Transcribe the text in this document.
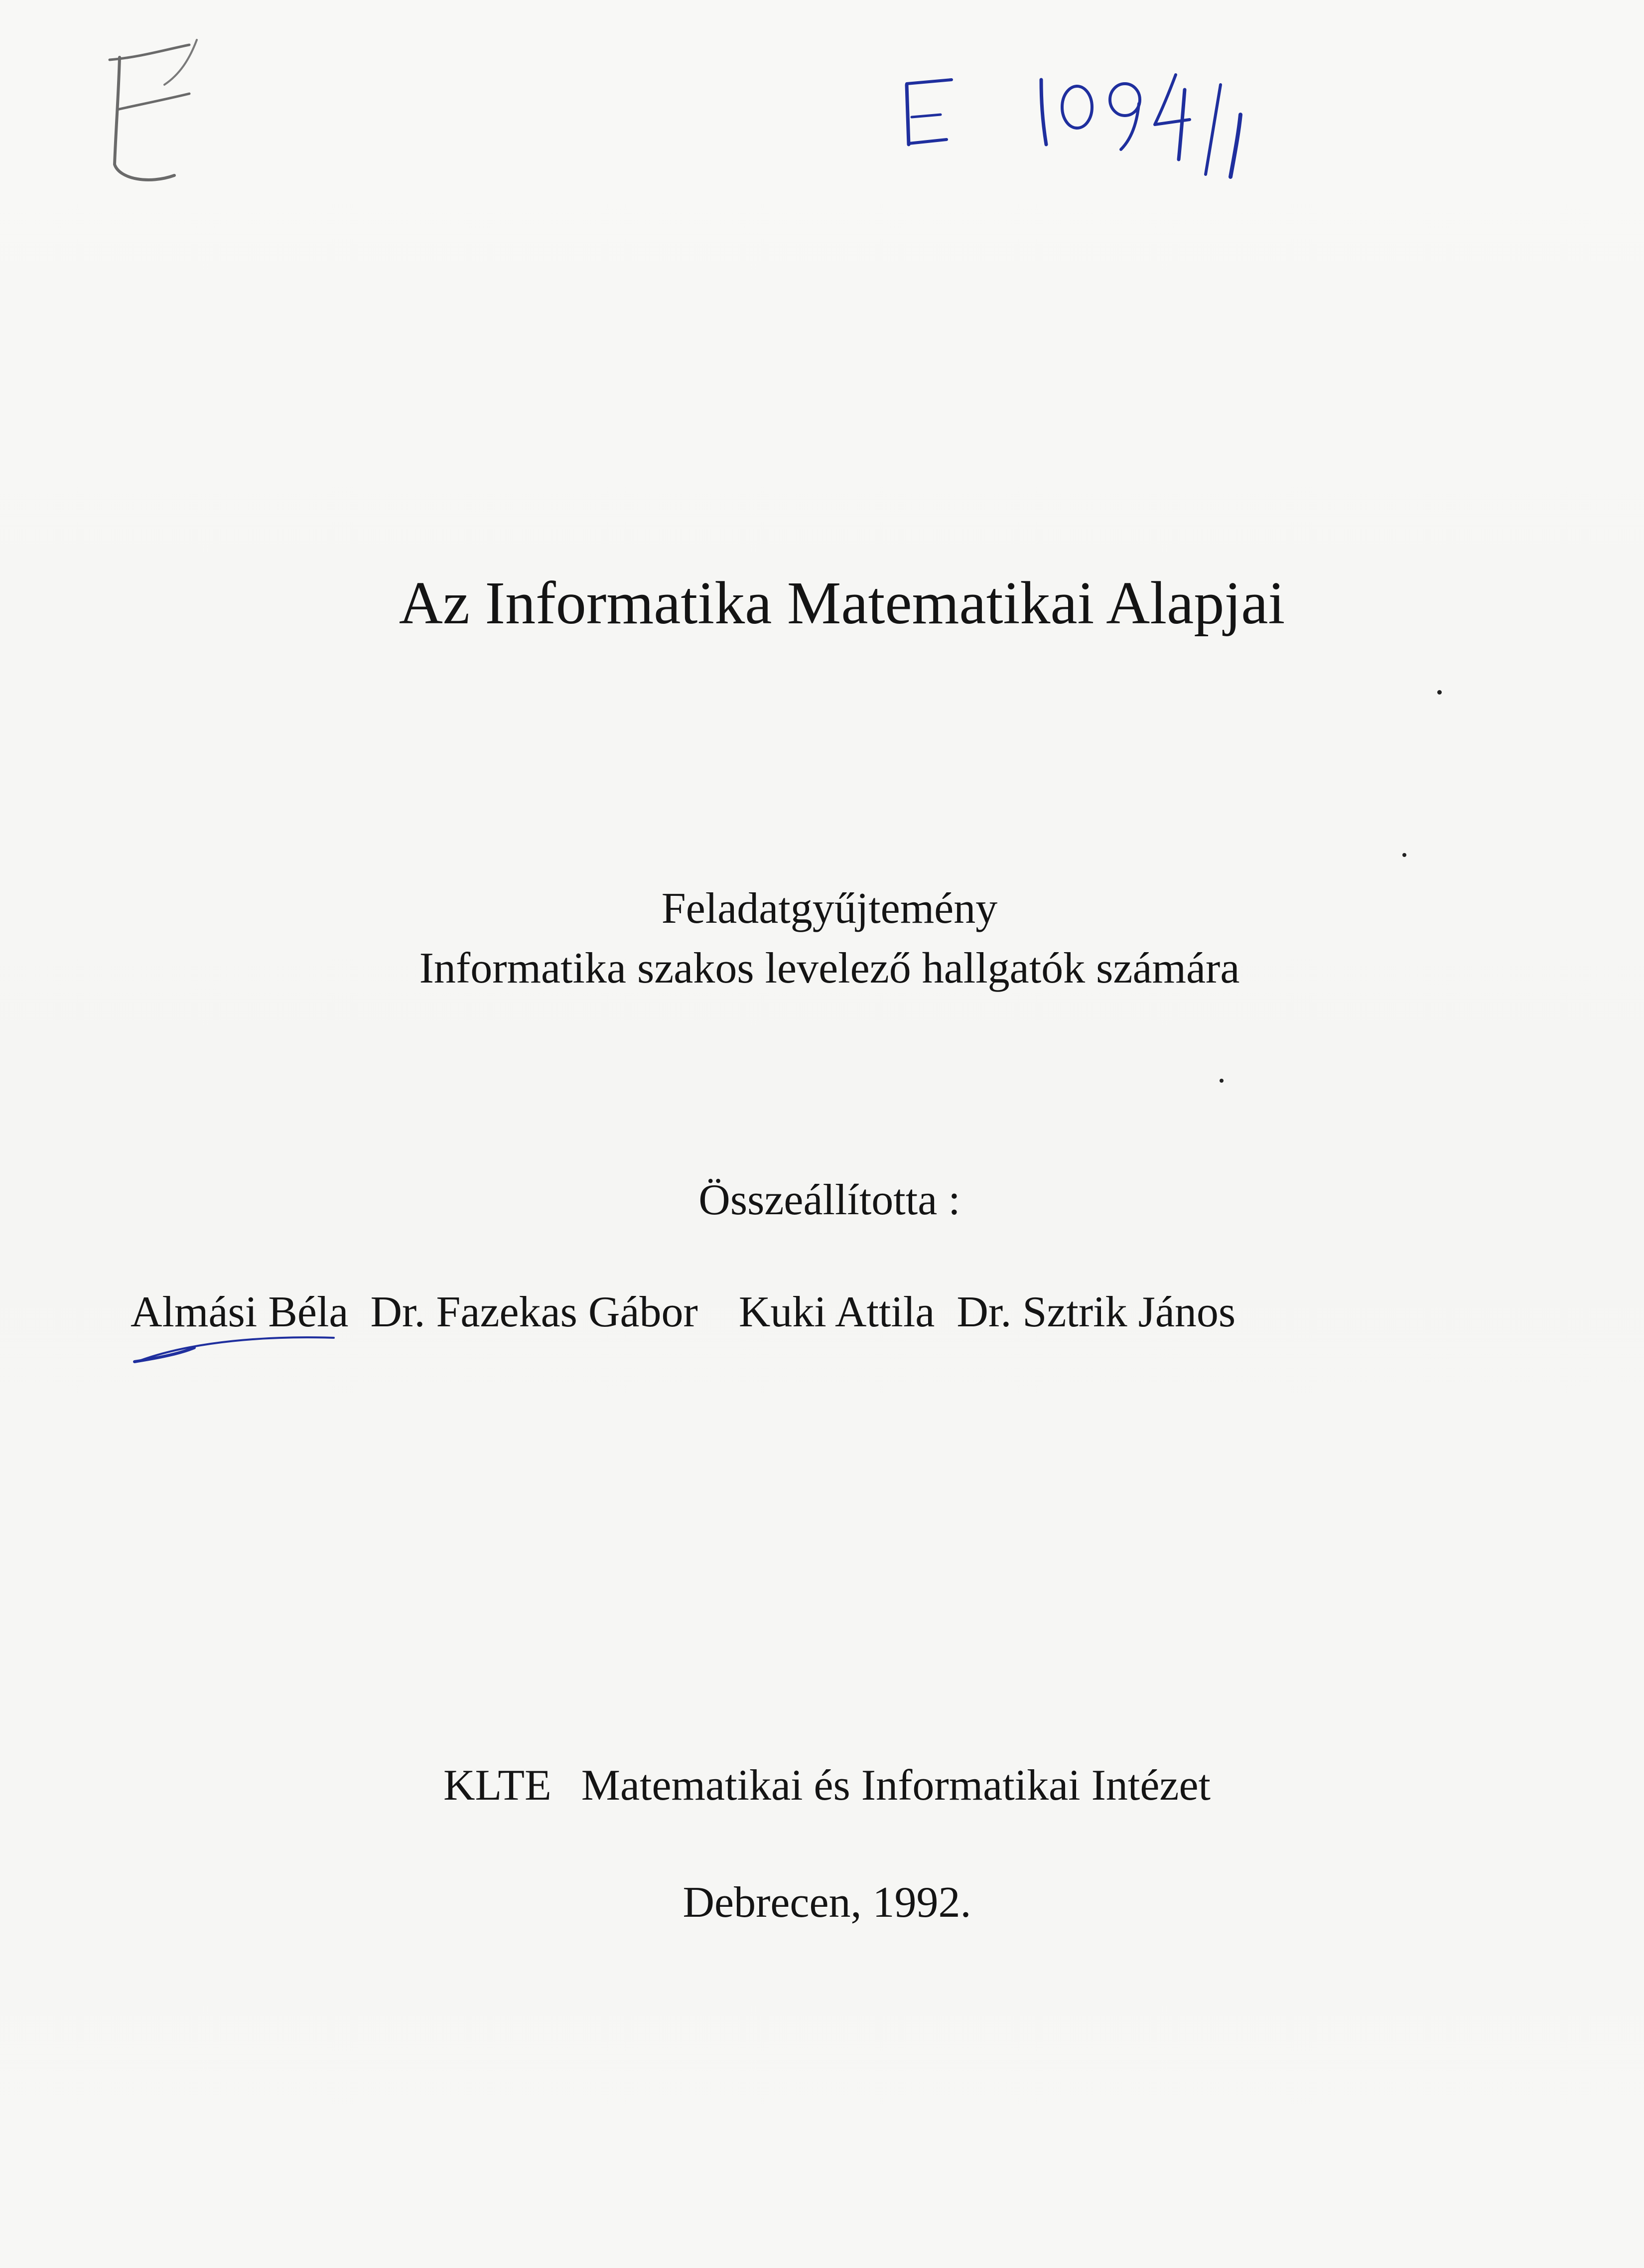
Az Informatika Matematikai Alapjai
Feladatgyűjtemény
Informatika szakos levelező hallgatók számára
Összeállította :
Almási Béla Dr. Fazekas Gábor Kuki Attila Dr. Sztrik János
KLTE Matematikai és Informatikai Intézet
Debrecen, 1992.
